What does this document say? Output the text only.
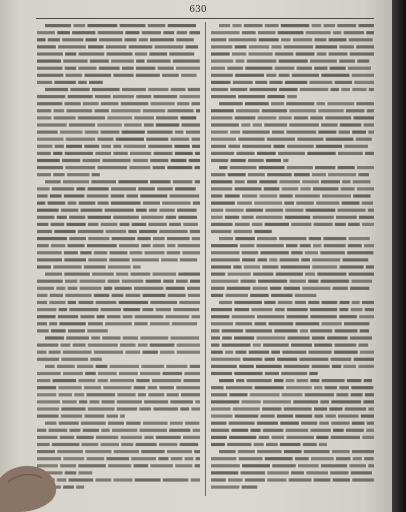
630
